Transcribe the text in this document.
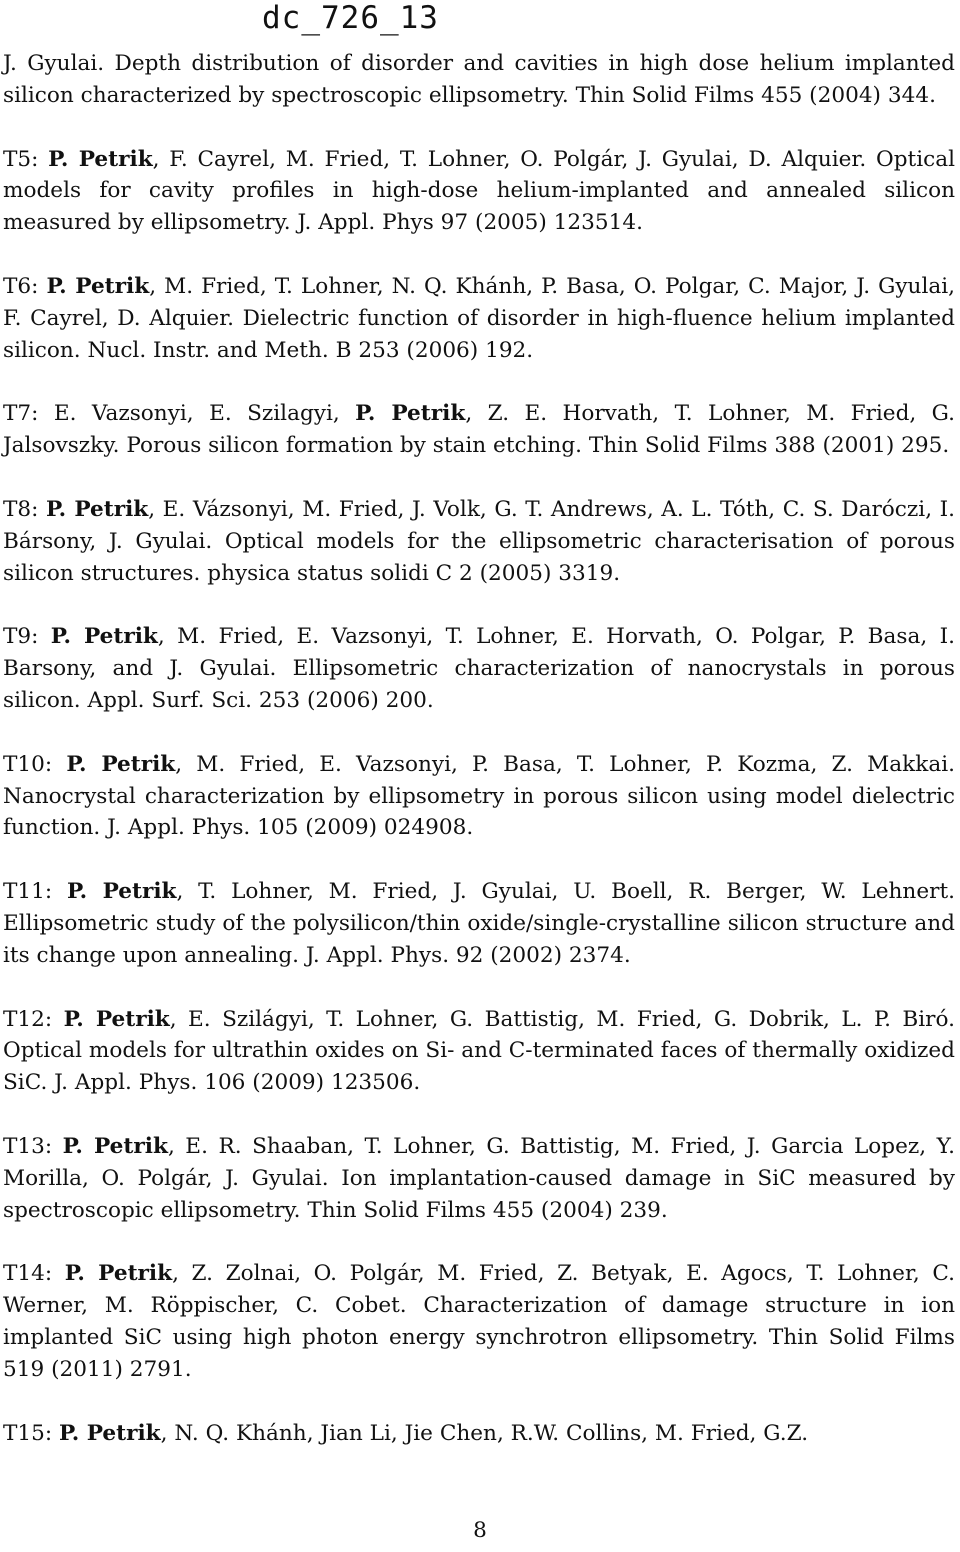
dc_726_13

J. Gyulai. Depth distribution of disorder and cavities in high dose helium implanted silicon characterized by spectroscopic ellipsometry. Thin Solid Films 455 (2004) 344.

T5: P. Petrik, F. Cayrel, M. Fried, T. Lohner, O. Polgár, J. Gyulai, D. Alquier. Optical models for cavity profiles in high-dose helium-implanted and annealed silicon measured by ellipsometry. J. Appl. Phys 97 (2005) 123514.

T6: P. Petrik, M. Fried, T. Lohner, N. Q. Khánh, P. Basa, O. Polgar, C. Major, J. Gyulai, F. Cayrel, D. Alquier. Dielectric function of disorder in high-fluence helium implanted silicon. Nucl. Instr. and Meth. B 253 (2006) 192.

T7: E. Vazsonyi, E. Szilagyi, P. Petrik, Z. E. Horvath, T. Lohner, M. Fried, G. Jalsovszky. Porous silicon formation by stain etching. Thin Solid Films 388 (2001) 295.

T8: P. Petrik, E. Vázsonyi, M. Fried, J. Volk, G. T. Andrews, A. L. Tóth, C. S. Daróczi, I. Bársony, J. Gyulai. Optical models for the ellipsometric characterisation of porous silicon structures. physica status solidi C 2 (2005) 3319.

T9: P. Petrik, M. Fried, E. Vazsonyi, T. Lohner, E. Horvath, O. Polgar, P. Basa, I. Barsony, and J. Gyulai. Ellipsometric characterization of nanocrystals in porous silicon. Appl. Surf. Sci. 253 (2006) 200.

T10: P. Petrik, M. Fried, E. Vazsonyi, P. Basa, T. Lohner, P. Kozma, Z. Makkai. Nanocrystal characterization by ellipsometry in porous silicon using model dielectric function. J. Appl. Phys. 105 (2009) 024908.

T11: P. Petrik, T. Lohner, M. Fried, J. Gyulai, U. Boell, R. Berger, W. Lehnert. Ellipsometric study of the polysilicon/thin oxide/single-crystalline silicon structure and its change upon annealing. J. Appl. Phys. 92 (2002) 2374.

T12: P. Petrik, E. Szilágyi, T. Lohner, G. Battistig, M. Fried, G. Dobrik, L. P. Biró. Optical models for ultrathin oxides on Si- and C-terminated faces of thermally oxidized SiC. J. Appl. Phys. 106 (2009) 123506.

T13: P. Petrik, E. R. Shaaban, T. Lohner, G. Battistig, M. Fried, J. Garcia Lopez, Y. Morilla, O. Polgár, J. Gyulai. Ion implantation-caused damage in SiC measured by spectroscopic ellipsometry. Thin Solid Films 455 (2004) 239.

T14: P. Petrik, Z. Zolnai, O. Polgár, M. Fried, Z. Betyak, E. Agocs, T. Lohner, C. Werner, M. Röppischer, C. Cobet. Characterization of damage structure in ion implanted SiC using high photon energy synchrotron ellipsometry. Thin Solid Films 519 (2011) 2791.

T15: P. Petrik, N. Q. Khánh, Jian Li, Jie Chen, R.W. Collins, M. Fried, G.Z.

8
